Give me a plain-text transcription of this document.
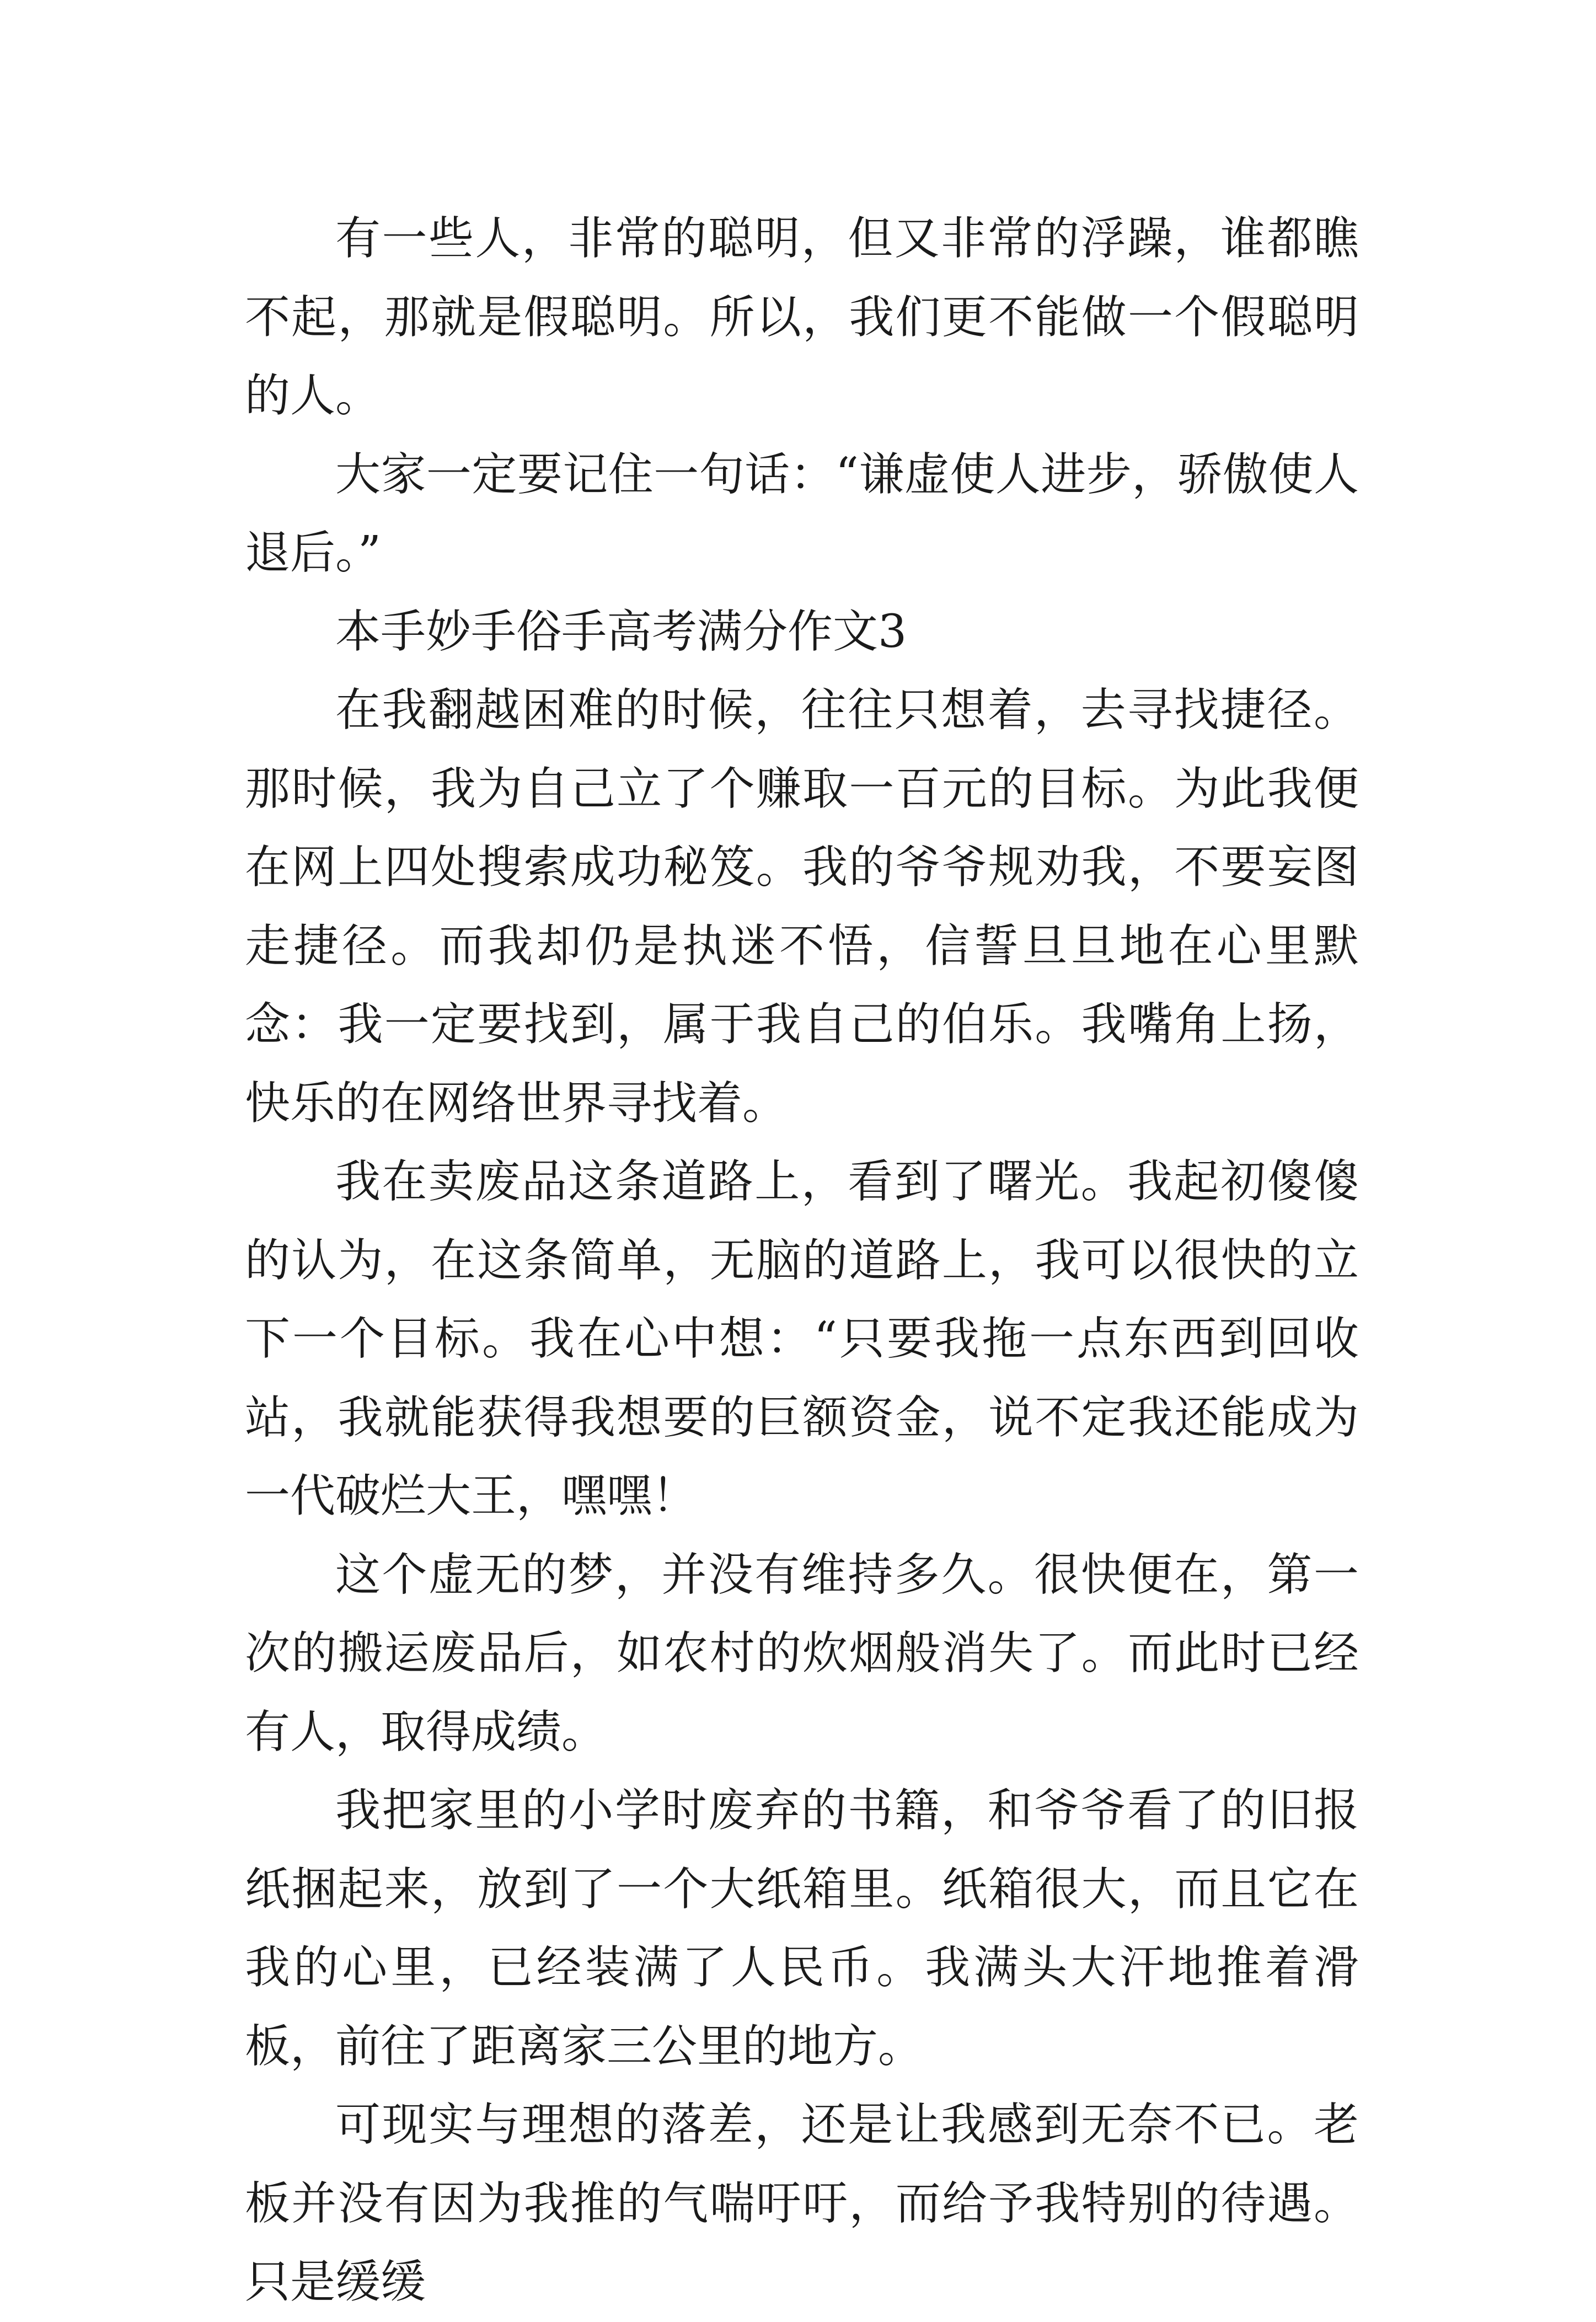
有一些人，非常的聪明，但又非常的浮躁，谁都瞧不起，那就是假聪明。所以，我们更不能做一个假聪明的人。

大家一定要记住一句话：“谦虚使人进步，骄傲使人退后。”

本手妙手俗手高考满分作文3

在我翻越困难的时候，往往只想着，去寻找捷径。那时候，我为自己立了个赚取一百元的目标。为此我便在网上四处搜索成功秘笈。我的爷爷规劝我，不要妄图走捷径。而我却仍是执迷不悟，信誓旦旦地在心里默念：我一定要找到，属于我自己的伯乐。我嘴角上扬，快乐的在网络世界寻找着。

我在卖废品这条道路上，看到了曙光。我起初傻傻的认为，在这条简单，无脑的道路上，我可以很快的立下一个目标。我在心中想：“只要我拖一点东西到回收站，我就能获得我想要的巨额资金，说不定我还能成为一代破烂大王，嘿嘿！

这个虚无的梦，并没有维持多久。很快便在，第一次的搬运废品后，如农村的炊烟般消失了。而此时已经有人，取得成绩。

我把家里的小学时废弃的书籍，和爷爷看了的旧报纸捆起来，放到了一个大纸箱里。纸箱很大，而且它在我的心里，已经装满了人民币。我满头大汗地推着滑板，前往了距离家三公里的地方。

可现实与理想的落差，还是让我感到无奈不已。老板并没有因为我推的气喘吁吁，而给予我特别的待遇。只是缓缓
